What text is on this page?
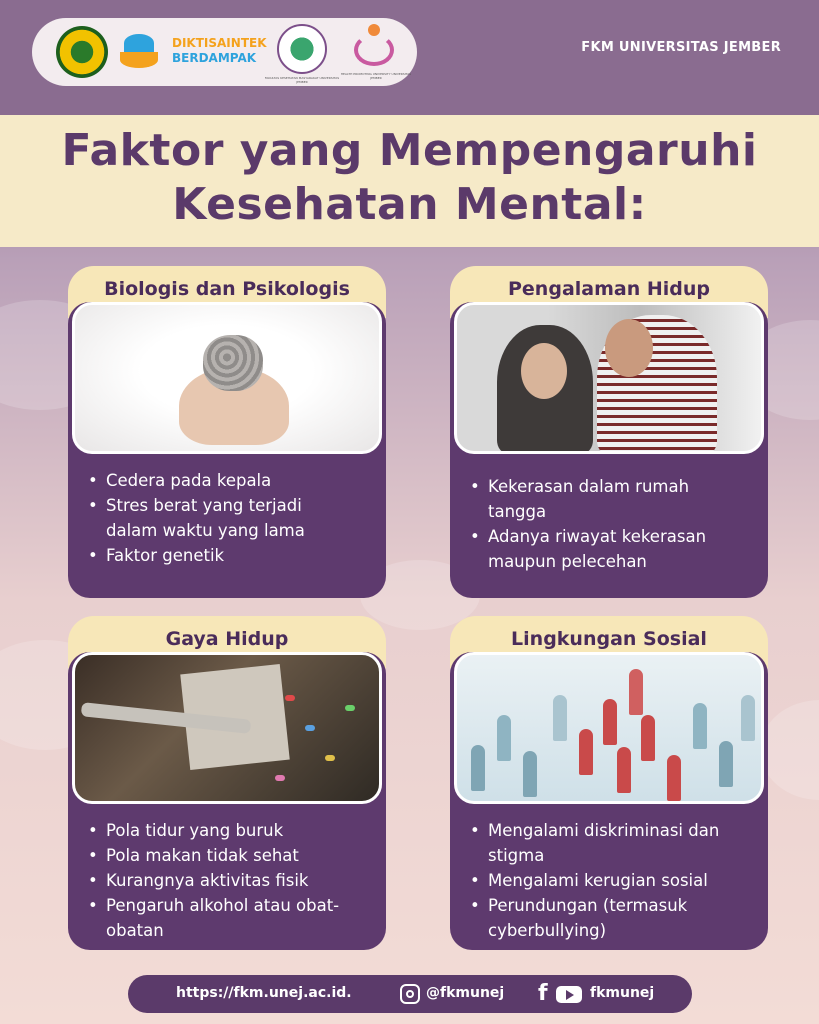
DIKTISAINTEK
BERDAMPAK
FAKULTAS KESEHATAN MASYARAKAT UNIVERSITAS JEMBER
HEALTH PROMOTING UNIVERSITY UNIVERSITAS JEMBER
FKM UNIVERSITAS JEMBER
Faktor yang Mempengaruhi
Kesehatan Mental:
Biologis dan Psikologis
• Cedera pada kepala
• Stres berat yang terjadi
dalam waktu yang lama
• Faktor genetik
Pengalaman Hidup
• Kekerasan dalam rumah
tangga
• Adanya riwayat kekerasan
maupun pelecehan
Gaya Hidup
• Pola tidur yang buruk
• Pola makan tidak sehat
• Kurangnya aktivitas fisik
• Pengaruh alkohol atau obat-
obatan
Lingkungan Sosial
• Mengalami diskriminasi dan
stigma
• Mengalami kerugian sosial
• Perundungan (termasuk
cyberbullying)
https://fkm.unej.ac.id.	@fkmunej f	fkmunej
